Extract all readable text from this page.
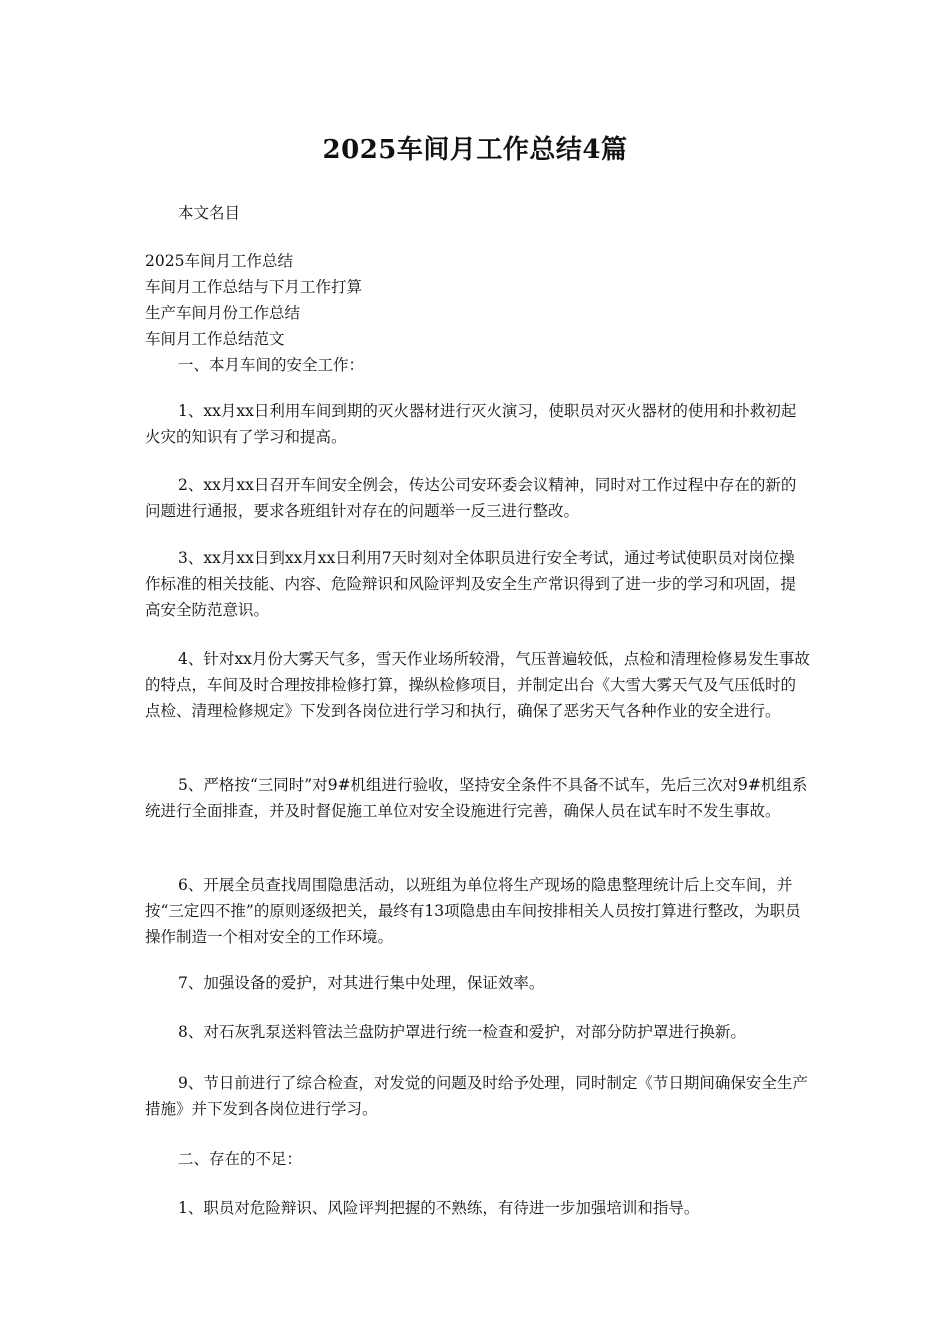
2025车间月工作总结4篇
本文名目
2025车间月工作总结
车间月工作总结与下月工作打算
生产车间月份工作总结
车间月工作总结范文
一、本月车间的安全工作：
1、xx月xx日利用车间到期的灭火器材进行灭火演习，使职员对灭火器材的使用和扑救初起火灾的知识有了学习和提高。
2、xx月xx日召开车间安全例会，传达公司安环委会议精神，同时对工作过程中存在的新的问题进行通报，要求各班组针对存在的问题举一反三进行整改。
3、xx月xx日到xx月xx日利用7天时刻对全体职员进行安全考试，通过考试使职员对岗位操作标准的相关技能、内容、危险辩识和风险评判及安全生产常识得到了进一步的学习和巩固，提高安全防范意识。
4、针对xx月份大雾天气多，雪天作业场所较滑，气压普遍较低，点检和清理检修易发生事故的特点，车间及时合理按排检修打算，操纵检修项目，并制定出台《大雪大雾天气及气压低时的点检、清理检修规定》下发到各岗位进行学习和执行，确保了恶劣天气各种作业的安全进行。
5、严格按“三同时”对9#机组进行验收，坚持安全条件不具备不试车，先后三次对9#机组系统进行全面排查，并及时督促施工单位对安全设施进行完善，确保人员在试车时不发生事故。
6、开展全员查找周围隐患活动，以班组为单位将生产现场的隐患整理统计后上交车间，并按“三定四不推”的原则逐级把关，最终有13项隐患由车间按排相关人员按打算进行整改，为职员操作制造一个相对安全的工作环境。
7、加强设备的爱护，对其进行集中处理，保证效率。
8、对石灰乳泵送料管法兰盘防护罩进行统一检查和爱护，对部分防护罩进行换新。
9、节日前进行了综合检查，对发觉的问题及时给予处理，同时制定《节日期间确保安全生产措施》并下发到各岗位进行学习。
二、存在的不足：
1、职员对危险辩识、风险评判把握的不熟练，有待进一步加强培训和指导。
